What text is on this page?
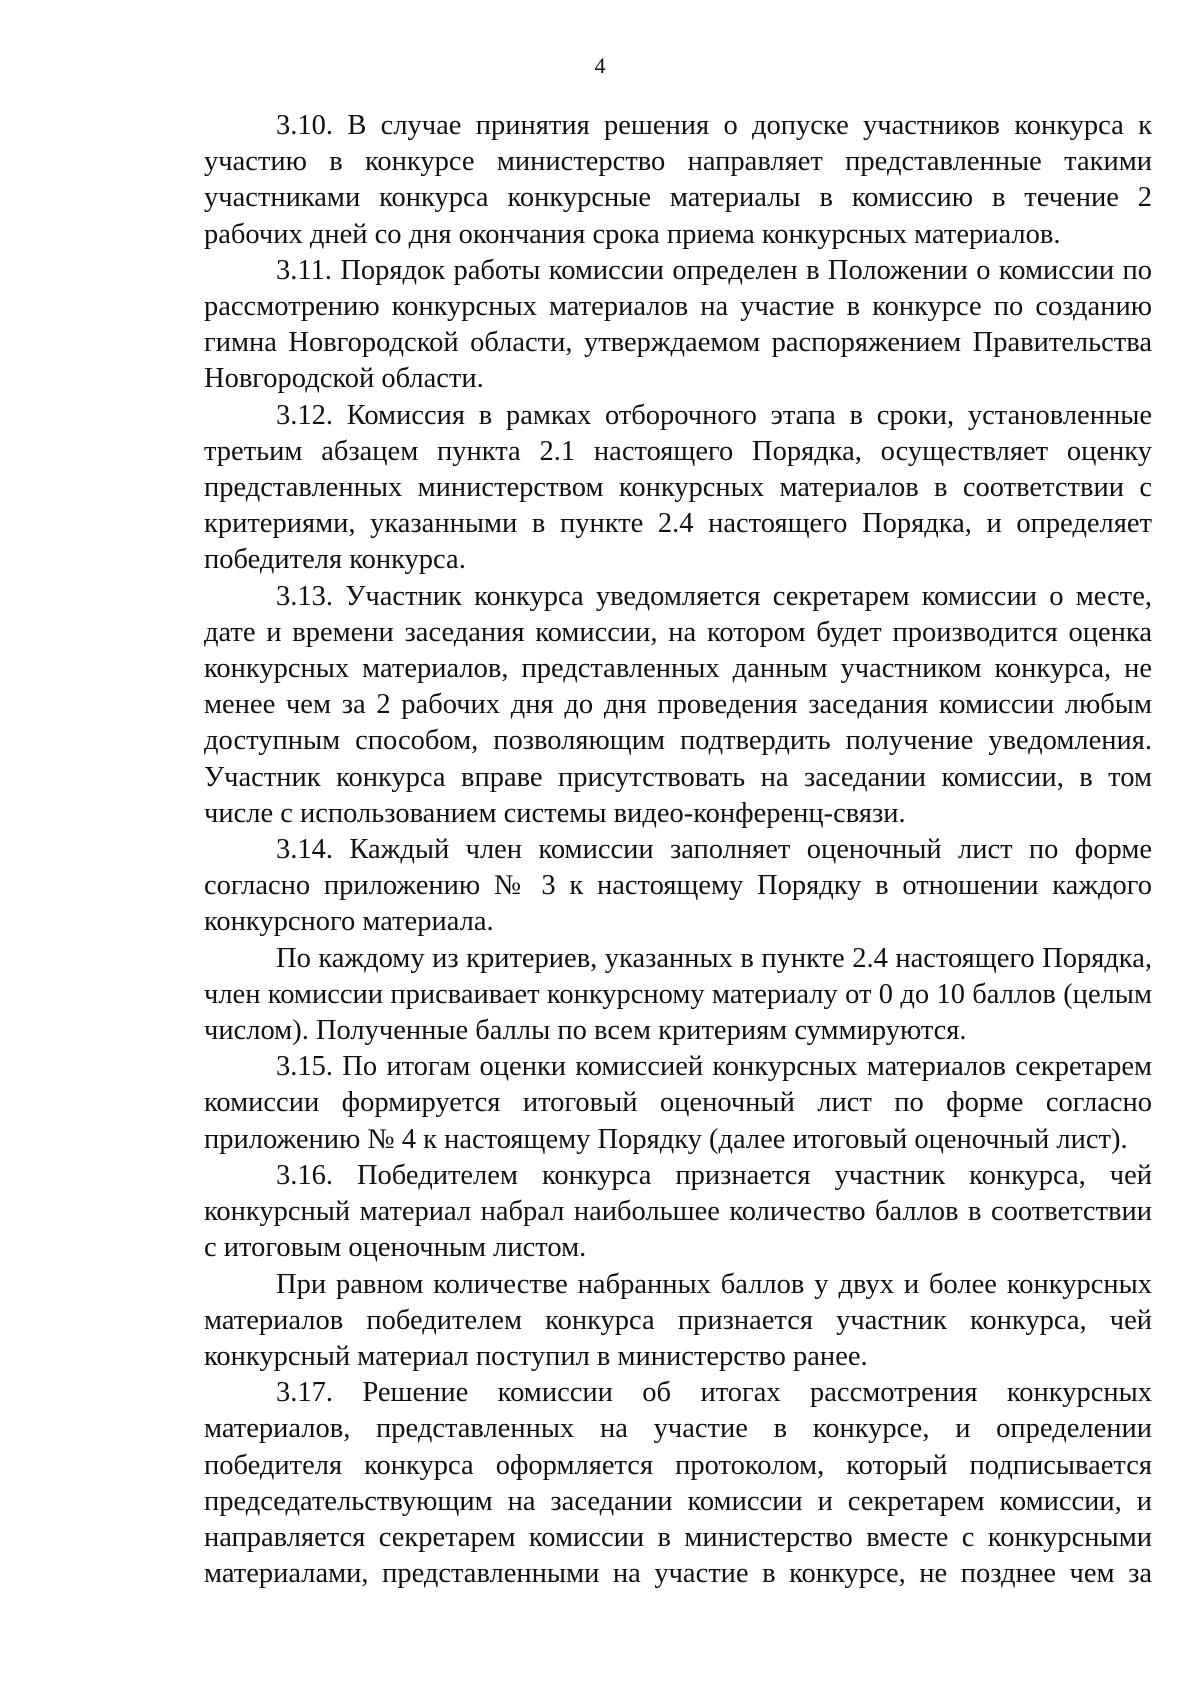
4

3.10. В случае принятия решения о допуске участников конкурса к участию в конкурсе министерство направляет представленные такими участниками конкурса конкурсные материалы в комиссию в течение 2 рабочих дней со дня окончания срока приема конкурсных материалов.

3.11. Порядок работы комиссии определен в Положении о комиссии по рассмотрению конкурсных материалов на участие в конкурсе по созданию гимна Новгородской области, утверждаемом распоряжением Правительства Новгородской области.

3.12. Комиссия в рамках отборочного этапа в сроки, установленные третьим абзацем пункта 2.1 настоящего Порядка, осуществляет оценку представленных министерством конкурсных материалов в соответствии с критериями, указанными в пункте 2.4 настоящего Порядка, и определяет победителя конкурса.

3.13. Участник конкурса уведомляется секретарем комиссии о месте, дате и времени заседания комиссии, на котором будет производится оценка конкурсных материалов, представленных данным участником конкурса, не менее чем за 2 рабочих дня до дня проведения заседания комиссии любым доступным способом, позволяющим подтвердить получение уведомления. Участник конкурса вправе присутствовать на заседании комиссии, в том числе с использованием системы видео-конференц-связи.

3.14. Каждый член комиссии заполняет оценочный лист по форме согласно приложению № 3 к настоящему Порядку в отношении каждого конкурсного материала.

По каждому из критериев, указанных в пункте 2.4 настоящего Порядка, член комиссии присваивает конкурсному материалу от 0 до 10 баллов (целым числом). Полученные баллы по всем критериям суммируются.

3.15. По итогам оценки комиссией конкурсных материалов секретарем комиссии формируется итоговый оценочный лист по форме согласно приложению № 4 к настоящему Порядку (далее итоговый оценочный лист).

3.16. Победителем конкурса признается участник конкурса, чей конкурсный материал набрал наибольшее количество баллов в соответствии с итоговым оценочным листом.

При равном количестве набранных баллов у двух и более конкурсных материалов победителем конкурса признается участник конкурса, чей конкурсный материал поступил в министерство ранее.

3.17. Решение комиссии об итогах рассмотрения конкурсных материалов, представленных на участие в конкурсе, и определении победителя конкурса оформляется протоколом, который подписывается председательствующим на заседании комиссии и секретарем комиссии, и направляется секретарем комиссии в министерство вместе с конкурсными материалами, представленными на участие в конкурсе, не позднее чем за
